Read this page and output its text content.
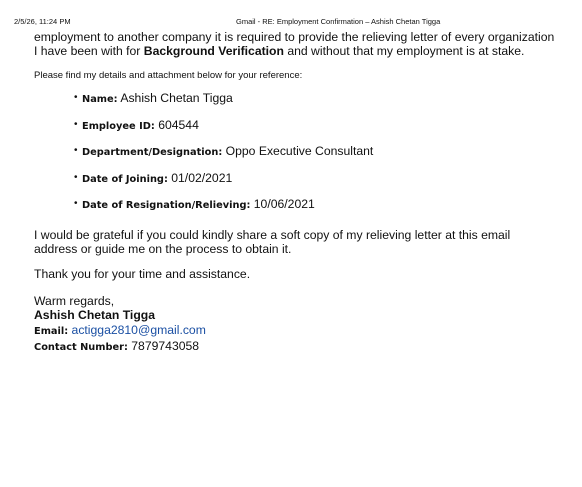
2/5/26, 11:24 PM	Gmail - RE: Employment Confirmation – Ashish Chetan Tigga

employment to another company it is required to provide the relieving letter of every organization
I have been with for Background Verification and without that my employment is at stake.

Please find my details and attachment below for your reference:

• Name: Ashish Chetan Tigga
• Employee ID: 604544
• Department/Designation: Oppo Executive Consultant
• Date of Joining: 01/02/2021
• Date of Resignation/Relieving: 10/06/2021

I would be grateful if you could kindly share a soft copy of my relieving letter at this email
address or guide me on the process to obtain it.

Thank you for your time and assistance.

Warm regards,
Ashish Chetan Tigga
Email: actigga2810@gmail.com
Contact Number: 7879743058
